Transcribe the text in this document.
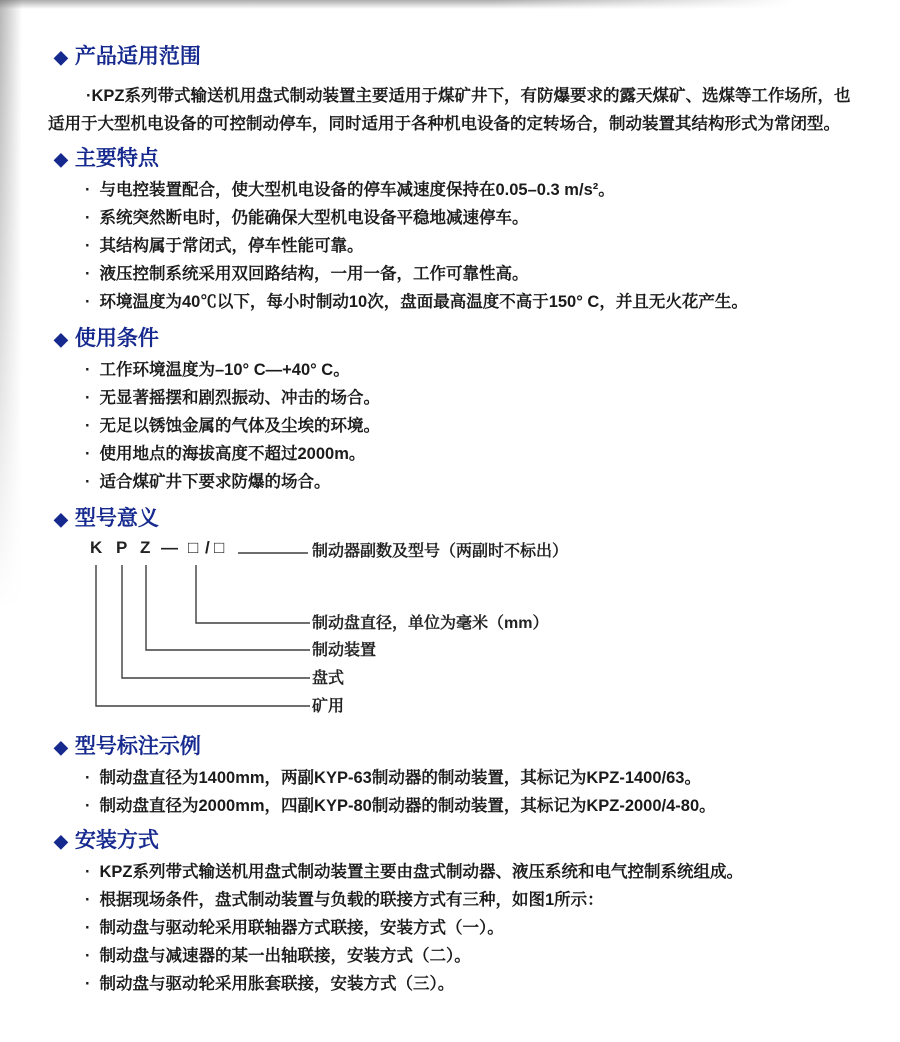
◆ 产品适用范围

·KPZ系列带式输送机用盘式制动装置主要适用于煤矿井下，有防爆要求的露天煤矿、选煤等工作场所，也适用于大型机电设备的可控制动停车，同时适用于各种机电设备的定转场合，制动装置其结构形式为常闭型。

◆ 主要特点
· 与电控装置配合，使大型机电设备的停车减速度保持在0.05–0.3 m/s²。
· 系统突然断电时，仍能确保大型机电设备平稳地减速停车。
· 其结构属于常闭式，停车性能可靠。
· 液压控制系统采用双回路结构，一用一备，工作可靠性高。
· 环境温度为40℃以下，每小时制动10次，盘面最高温度不高于150° C，并且无火花产生。
◆ 使用条件
· 工作环境温度为–10° C—+40° C。
· 无显著摇摆和剧烈振动、冲击的场合。
· 无足以锈蚀金属的气体及尘埃的环境。
· 使用地点的海拔高度不超过2000m。
· 适合煤矿井下要求防爆的场合。
◆ 型号意义
K P Z — □ / □	制动器副数及型号（两副时不标出）
制动盘直径，单位为毫米（mm）
制动装置
盘式
矿用
◆ 型号标注示例
· 制动盘直径为1400mm，两副KYP-63制动器的制动装置，其标记为KPZ-1400/63。
· 制动盘直径为2000mm，四副KYP-80制动器的制动装置，其标记为KPZ-2000/4-80。
◆ 安装方式
· KPZ系列带式输送机用盘式制动装置主要由盘式制动器、液压系统和电气控制系统组成。
· 根据现场条件，盘式制动装置与负载的联接方式有三种，如图1所示：
· 制动盘与驱动轮采用联轴器方式联接，安装方式（一）。
· 制动盘与减速器的某一出轴联接，安装方式（二）。
· 制动盘与驱动轮采用胀套联接，安装方式（三）。
